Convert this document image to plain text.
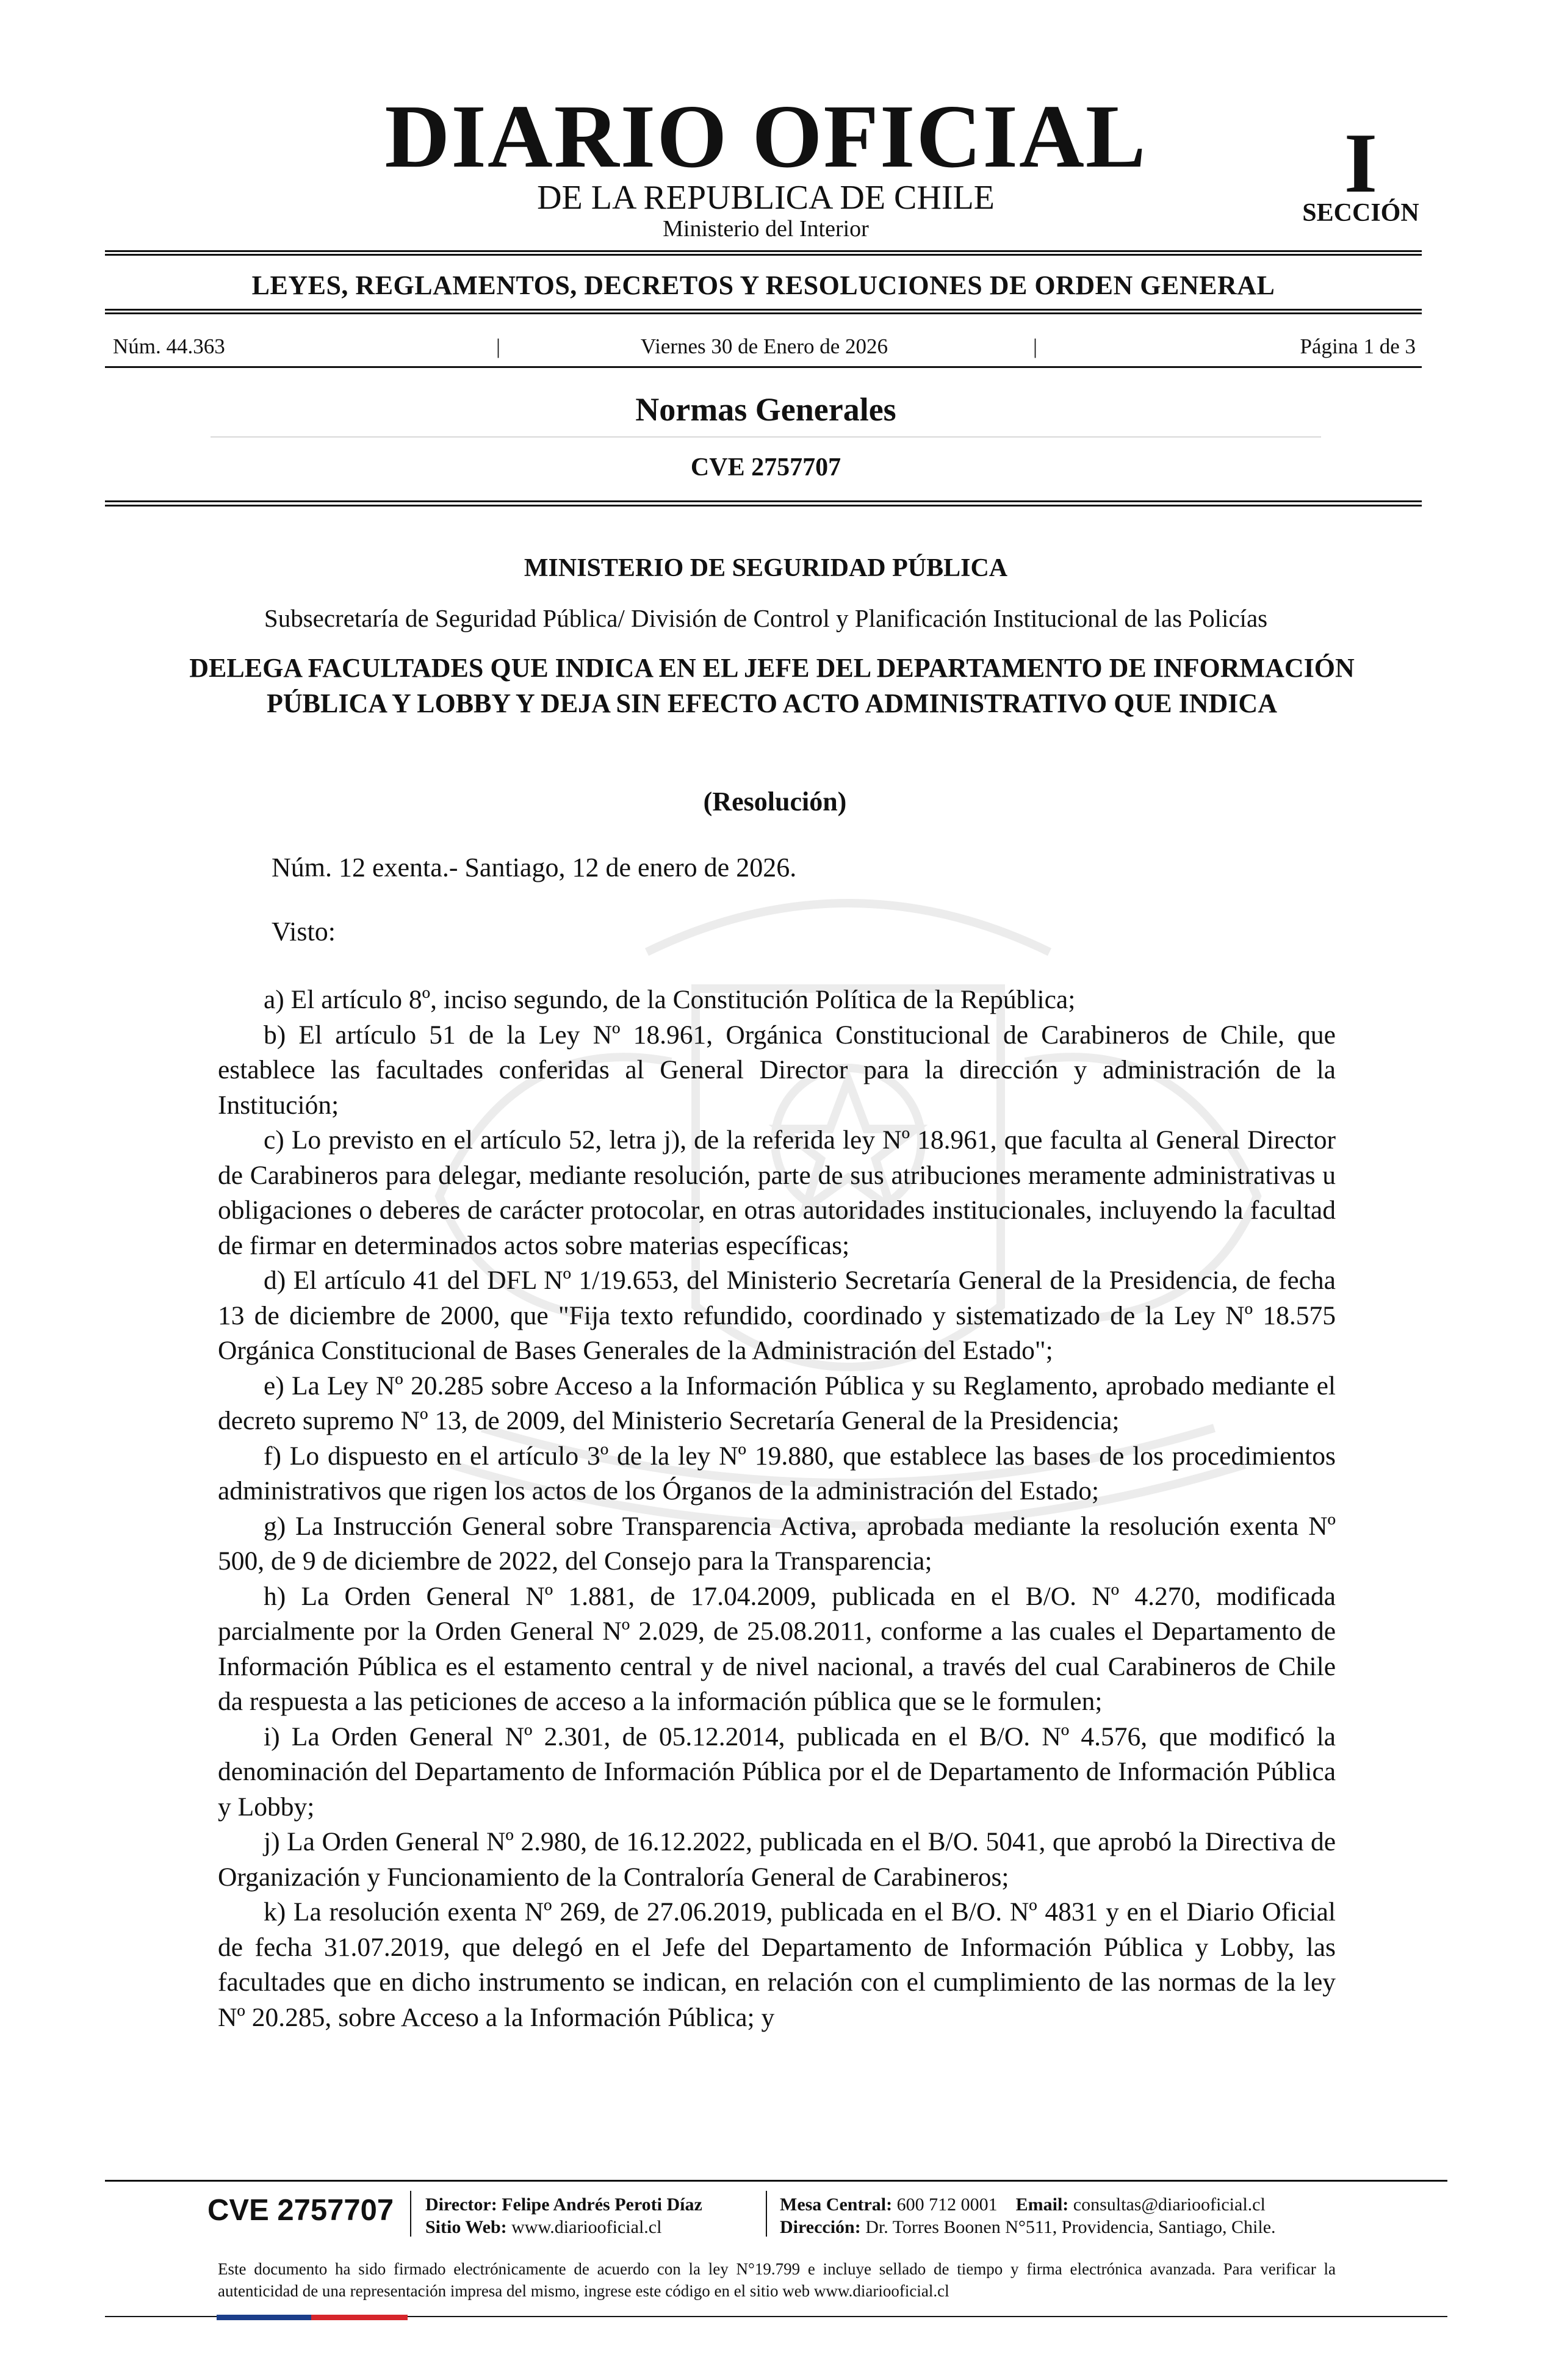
DIARIO OFICIAL
DE LA REPUBLICA DE CHILE
Ministerio del Interior
I
SECCIÓN
LEYES, REGLAMENTOS, DECRETOS Y RESOLUCIONES DE ORDEN GENERAL
Núm. 44.363	|	Viernes 30 de Enero de 2026	|	Página 1 de 3
Normas Generales
CVE 2757707
MINISTERIO DE SEGURIDAD PÚBLICA
Subsecretaría de Seguridad Pública/ División de Control y Planificación Institucional de las Policías
DELEGA FACULTADES QUE INDICA EN EL JEFE DEL DEPARTAMENTO DE INFORMACIÓN PÚBLICA Y LOBBY Y DEJA SIN EFECTO ACTO ADMINISTRATIVO QUE INDICA
(Resolución)
Núm. 12 exenta.- Santiago, 12 de enero de 2026.
Visto:

a) El artículo 8º, inciso segundo, de la Constitución Política de la República;

b) El artículo 51 de la Ley Nº 18.961, Orgánica Constitucional de Carabineros de Chile, que establece las facultades conferidas al General Director para la dirección y administración de la Institución;

c) Lo previsto en el artículo 52, letra j), de la referida ley Nº 18.961, que faculta al General Director de Carabineros para delegar, mediante resolución, parte de sus atribuciones meramente administrativas u obligaciones o deberes de carácter protocolar, en otras autoridades institucionales, incluyendo la facultad de firmar en determinados actos sobre materias específicas;

d) El artículo 41 del DFL Nº 1/19.653, del Ministerio Secretaría General de la Presidencia, de fecha 13 de diciembre de 2000, que "Fija texto refundido, coordinado y sistematizado de la Ley Nº 18.575 Orgánica Constitucional de Bases Generales de la Administración del Estado";

e) La Ley Nº 20.285 sobre Acceso a la Información Pública y su Reglamento, aprobado mediante el decreto supremo Nº 13, de 2009, del Ministerio Secretaría General de la Presidencia;

f) Lo dispuesto en el artículo 3º de la ley Nº 19.880, que establece las bases de los procedimientos administrativos que rigen los actos de los Órganos de la administración del Estado;

g) La Instrucción General sobre Transparencia Activa, aprobada mediante la resolución exenta Nº 500, de 9 de diciembre de 2022, del Consejo para la Transparencia;

h) La Orden General Nº 1.881, de 17.04.2009, publicada en el B/O. Nº 4.270, modificada parcialmente por la Orden General Nº 2.029, de 25.08.2011, conforme a las cuales el Departamento de Información Pública es el estamento central y de nivel nacional, a través del cual Carabineros de Chile da respuesta a las peticiones de acceso a la información pública que se le formulen;

i) La Orden General Nº 2.301, de 05.12.2014, publicada en el B/O. Nº 4.576, que modificó la denominación del Departamento de Información Pública por el de Departamento de Información Pública y Lobby;

j) La Orden General Nº 2.980, de 16.12.2022, publicada en el B/O. 5041, que aprobó la Directiva de Organización y Funcionamiento de la Contraloría General de Carabineros;

k) La resolución exenta Nº 269, de 27.06.2019, publicada en el B/O. Nº 4831 y en el Diario Oficial de fecha 31.07.2019, que delegó en el Jefe del Departamento de Información Pública y Lobby, las facultades que en dicho instrumento se indican, en relación con el cumplimiento de las normas de la ley Nº 20.285, sobre Acceso a la Información Pública; y

CVE 2757707 Director: Felipe Andrés Peroti Díaz
Sitio Web: www.diariooficial.cl
Mesa Central: 600 712 0001 Email: consultas@diariooficial.cl
Dirección: Dr. Torres Boonen N°511, Providencia, Santiago, Chile.
Este documento ha sido firmado electrónicamente de acuerdo con la ley N°19.799 e incluye sellado de tiempo y firma electrónica avanzada. Para verificar la autenticidad de una representación impresa del mismo, ingrese este código en el sitio web www.diariooficial.cl
